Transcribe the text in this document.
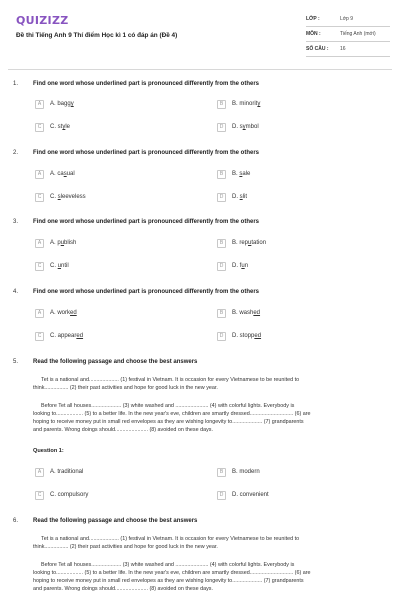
QUIZIZZ
Đề thi Tiếng Anh 9 Thí điểm Học kì 1 có đáp án (Đề 4)
LỚP :	Lớp 9
MÔN :	Tiếng Anh (mới)
SỐ CÂU : 16
1. Find one word whose underlined part is pronounced differently from the others
A	A. baggy	B	B. minority
C	C. style	D	D. symbol
2. Find one word whose underlined part is pronounced differently from the others
A	A. casual	B	B. sale
C	C. sleeveless	D	D. slit
3. Find one word whose underlined part is pronounced differently from the others
A	A. publish	B	B. reputation
C	C. until	D	D. fun
4. Find one word whose underlined part is pronounced differently from the others
A	A. worked	B	B. washed
C	C. appeared	D	D. stopped
5. Read the following passage and choose the best answers
Tet is a national and.................... (1) festival in Vietnam. It is occasion for every Vietnamese to be reunited to
think................ (2) their past activities and hope for good luck in the new year.
Before Tet all houses.................... (3) white washed and ...................... (4) with colorful lights. Everybody is
looking to.................. (5) to a better life. In the new year's eve, children are smartly dressed............................. (6) are
hoping to receive money put in small red envelopes as they are wishing longevity to.................... (7) grandparents
and parents. Wrong doings should...................... (8) avoided on these days.
Question 1:
A	A. traditional	B	B. modern
C	C. compulsory	D	D. convenient
6. Read the following passage and choose the best answers
Tet is a national and.................... (1) festival in Vietnam. It is occasion for every Vietnamese to be reunited to
think................ (2) their past activities and hope for good luck in the new year.
Before Tet all houses.................... (3) white washed and ...................... (4) with colorful lights. Everybody is
looking to.................. (5) to a better life. In the new year's eve, children are smartly dressed............................. (6) are
hoping to receive money put in small red envelopes as they are wishing longevity to.................... (7) grandparents
and parents. Wrong doings should...................... (8) avoided on these days.
